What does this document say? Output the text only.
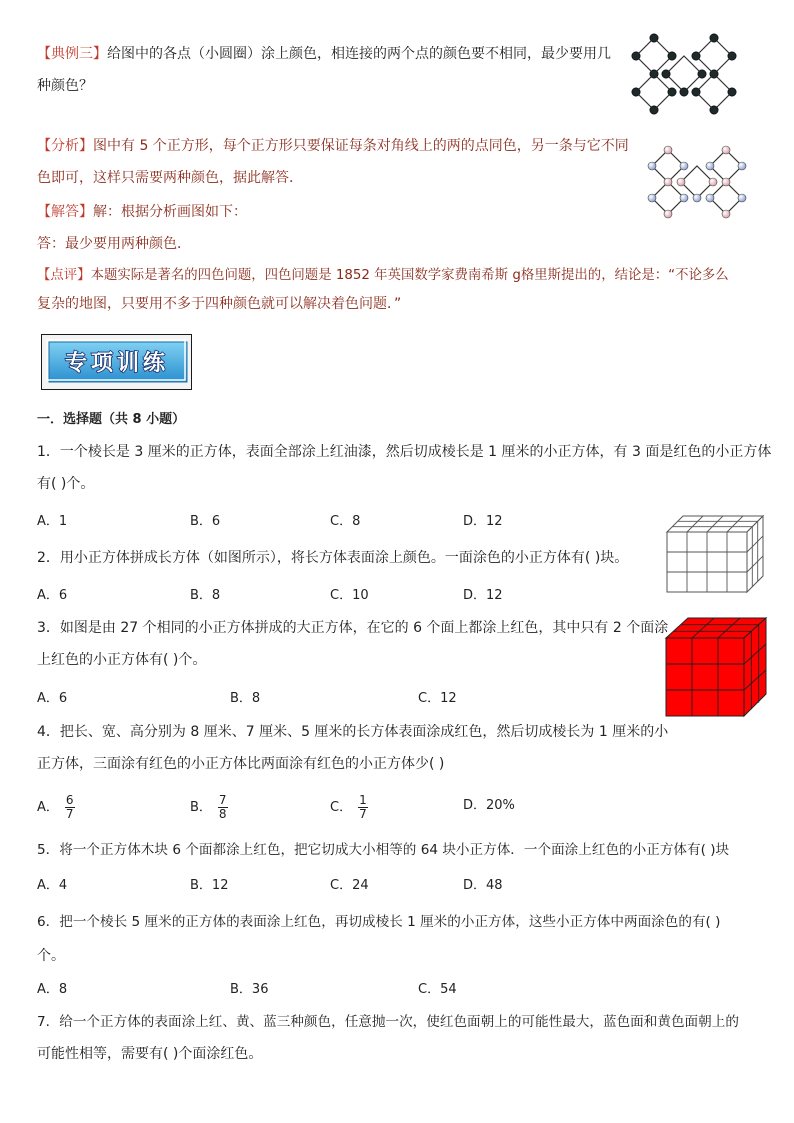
【典例三】给图中的各点（小圆圈）涂上颜色，相连接的两个点的颜色要不相同，最少要用几
种颜色？
【分析】图中有 5 个正方形，每个正方形只要保证每条对角线上的两的点同色，另一条与它不同
色即可，这样只需要两种颜色，据此解答．
【解答】解：根据分析画图如下：
答：最少要用两种颜色．
【点评】本题实际是著名的四色问题，四色问题是 1852 年英国数学家费南希斯 g格里斯提出的，结论是：“不论多么
复杂的地图，只要用不多于四种颜色就可以解决着色问题．”
专项训练
一．选择题（共 8 小题）
1．一个棱长是 3 厘米的正方体，表面全部涂上红油漆，然后切成棱长是 1 厘米的小正方体，有 3 面是红色的小正方体
有( )个。
A．1	B．6	C．8	D．12
2．用小正方体拼成长方体（如图所示），将长方体表面涂上颜色。一面涂色的小正方体有( )块。
A．6	B．8	C．10	D．12
3．如图是由 27 个相同的小正方体拼成的大正方体，在它的 6 个面上都涂上红色，其中只有 2 个面涂
上红色的小正方体有( )个。
A．6	B．8	C．12
4．把长、宽、高分别为 8 厘米、7 厘米、5 厘米的长方体表面涂成红色，然后切成棱长为 1 厘米的小
正方体，三面涂有红色的小正方体比两面涂有红色的小正方体少( )
A． $\frac{6}{7}$	B． $\frac{7}{8}$	C． $\frac{1}{7}$	D．20%
5．将一个正方体木块 6 个面都涂上红色，把它切成大小相等的 64 块小正方体．一个面涂上红色的小正方体有( )块
A．4	B．12	C．24	D．48
6．把一个棱长 5 厘米的正方体的表面涂上红色，再切成棱长 1 厘米的小正方体，这些小正方体中两面涂色的有( )
个。
A．8	B．36	C．54
7．给一个正方体的表面涂上红、黄、蓝三种颜色，任意抛一次，使红色面朝上的可能性最大，蓝色面和黄色面朝上的
可能性相等，需要有( )个面涂红色。
